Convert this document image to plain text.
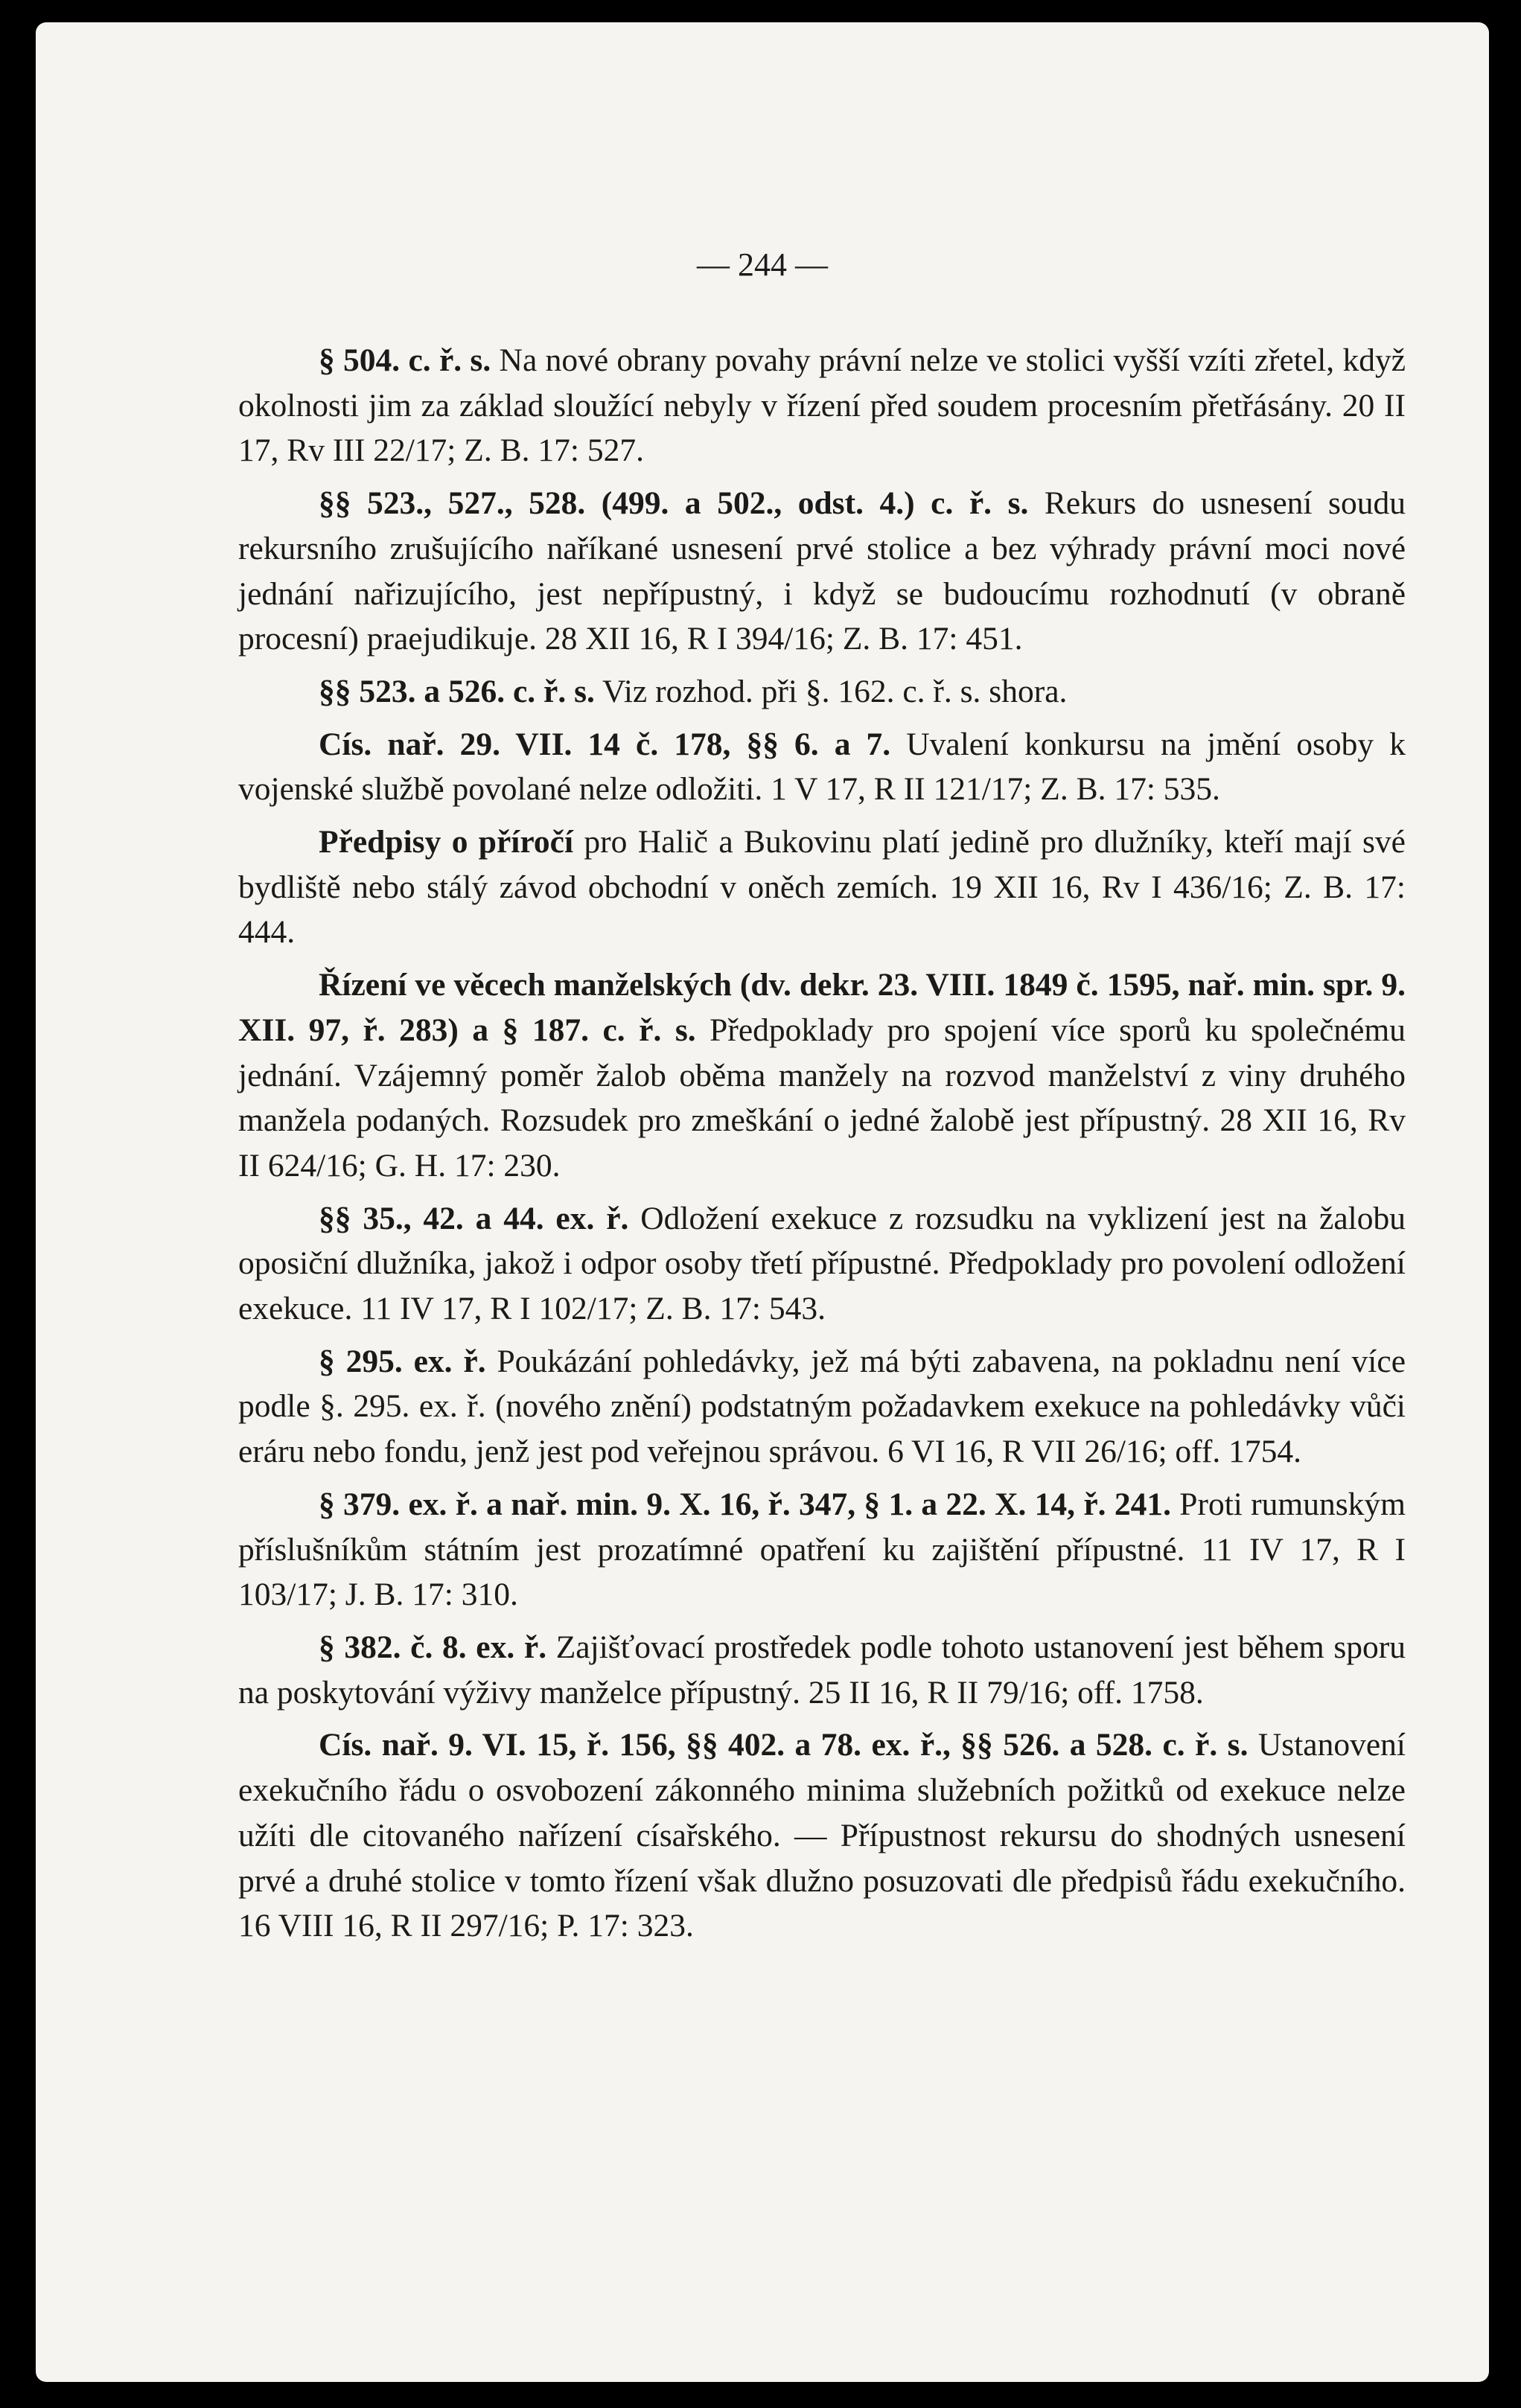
— 244 —

§ 504. c. ř. s. Na nové obrany povahy právní nelze ve stolici vyšší vzíti zřetel, když okolnosti jim za základ sloužící nebyly v řízení před soudem procesním přetřásány. 20 II 17, Rv III 22/17; Z. B. 17: 527.

§§ 523., 527., 528. (499. a 502., odst. 4.) c. ř. s. Rekurs do usnesení soudu rekursního zrušujícího naříkané usnesení prvé stolice a bez výhrady právní moci nové jednání nařizujícího, jest nepřípustný, i když se budoucímu rozhodnutí (v obraně procesní) praejudikuje. 28 XII 16, R I 394/16; Z. B. 17: 451.

§§ 523. a 526. c. ř. s. Viz rozhod. při §. 162. c. ř. s. shora.

Cís. nař. 29. VII. 14 č. 178, §§ 6. a 7. Uvalení konkursu na jmění osoby k vojenské službě povolané nelze odložiti. 1 V 17, R II 121/17; Z. B. 17: 535.

Předpisy o příročí pro Halič a Bukovinu platí jedině pro dlužníky, kteří mají své bydliště nebo stálý závod obchodní v oněch zemích. 19 XII 16, Rv I 436/16; Z. B. 17: 444.

Řízení ve věcech manželských (dv. dekr. 23. VIII. 1849 č. 1595, nař. min. spr. 9. XII. 97, ř. 283) a § 187. c. ř. s. Předpoklady pro spojení více sporů ku společnému jednání. Vzájemný poměr žalob oběma manžely na rozvod manželství z viny druhého manžela podaných. Rozsudek pro zmeškání o jedné žalobě jest přípustný. 28 XII 16, Rv II 624/16; G. H. 17: 230.

§§ 35., 42. a 44. ex. ř. Odložení exekuce z rozsudku na vyklizení jest na žalobu oposiční dlužníka, jakož i odpor osoby třetí přípustné. Předpoklady pro povolení odložení exekuce. 11 IV 17, R I 102/17; Z. B. 17: 543.

§ 295. ex. ř. Poukázání pohledávky, jež má býti zabavena, na pokladnu není více podle §. 295. ex. ř. (nového znění) podstatným požadavkem exekuce na pohledávky vůči eráru nebo fondu, jenž jest pod veřejnou správou. 6 VI 16, R VII 26/16; off. 1754.

§ 379. ex. ř. a nař. min. 9. X. 16, ř. 347, § 1. a 22. X. 14, ř. 241. Proti rumunským příslušníkům státním jest prozatímné opatření ku zajištění přípustné. 11 IV 17, R I 103/17; J. B. 17: 310.

§ 382. č. 8. ex. ř. Zajišťovací prostředek podle tohoto ustanovení jest během sporu na poskytování výživy manželce přípustný. 25 II 16, R II 79/16; off. 1758.

Cís. nař. 9. VI. 15, ř. 156, §§ 402. a 78. ex. ř., §§ 526. a 528. c. ř. s. Ustanovení exekučního řádu o osvobození zákonného minima služebních požitků od exekuce nelze užíti dle citovaného nařízení císařského. — Přípustnost rekursu do shodných usnesení prvé a druhé stolice v tomto řízení však dlužno posuzovati dle předpisů řádu exekučního. 16 VIII 16, R II 297/16; P. 17: 323.
